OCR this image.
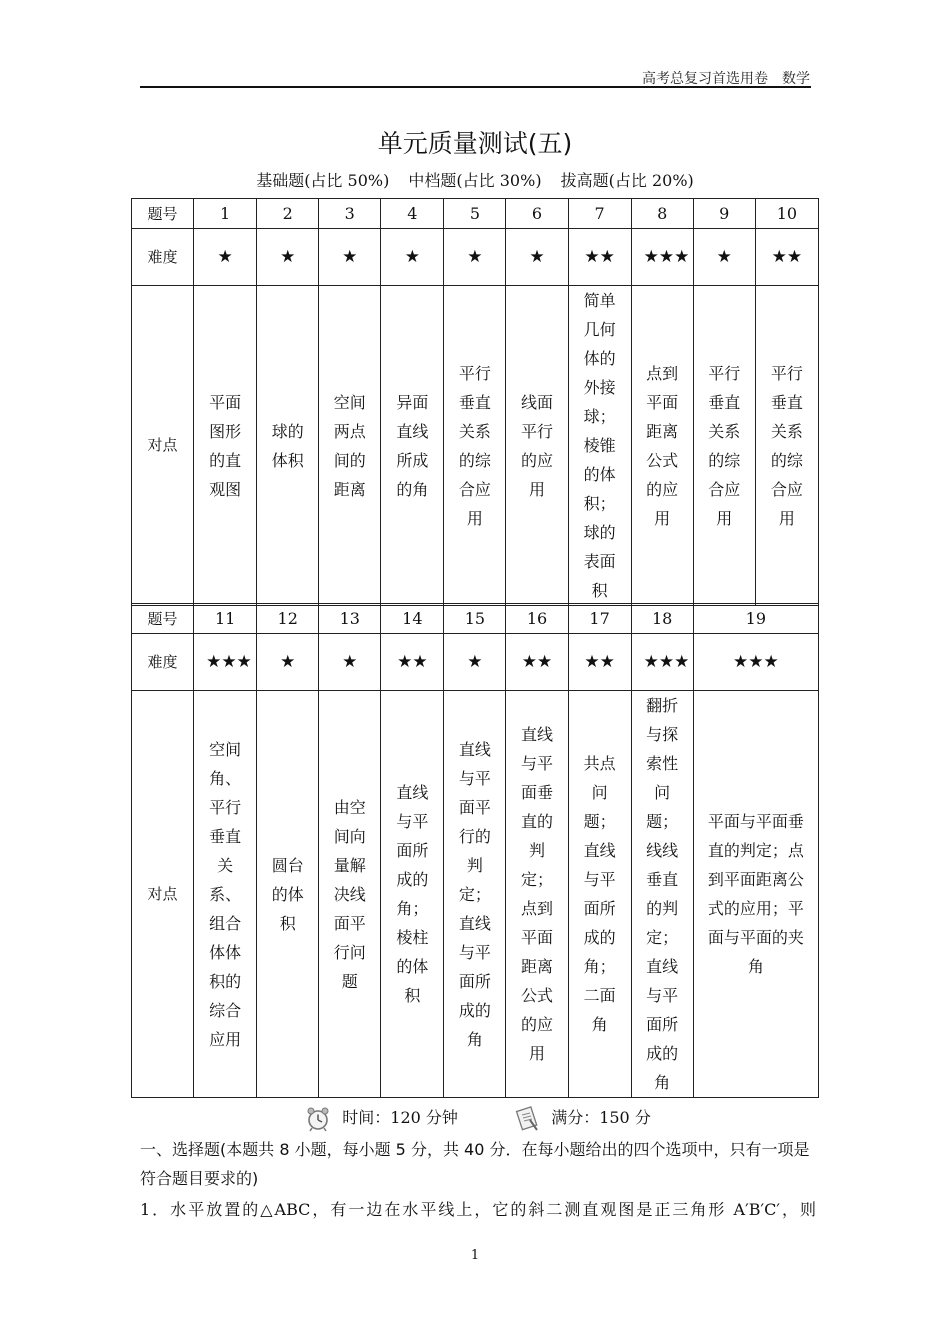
高考总复习首选用卷　数学
单元质量测试(五)
基础题(占比 50%) 中档题(占比 30%) 拔高题(占比 20%)
题号	1	2	3	4	5	6	7	8	9	10
难度	★	★	★	★	★	★	★★	★★★	★	★★
对点	平面图形的直观图	球的体积	空间两点间的距离	异面直线所成的角	平行垂直关系的综合应用	线面平行的应用	简单几何体的外接球；棱锥的体积；球的表面积	点到平面距离公式的应用	平行垂直关系的综合应用	平行垂直关系的综合应用
题号	11	12	13	14	15	16	17	18	19
难度	★★★	★	★	★★	★	★★	★★	★★★	★★★
对点	空间角、平行垂直关系、组合体体积的综合应用	圆台的体积	由空间向量解决线面平行问题	直线与平面所成的角；棱柱的体积	直线与平面平行的判定；直线与平面所成的角	直线与平面垂直的判定；点到平面距离公式的应用	共点问题；直线与平面所成的角；二面角	翻折与探索性问题；线线垂直的判定；直线与平面所成的角	平面与平面垂直的判定；点到平面距离公式的应用；平面与平面的夹角
时间：120 分钟	满分：150 分
一、选择题(本题共 8 小题，每小题 5 分，共 40 分．在每小题给出的四个选项中，只有一项是符合题目要求的)
1．水平放置的△ABC，有一边在水平线上，它的斜二测直观图是正三角形 A′B′C′，则
1
